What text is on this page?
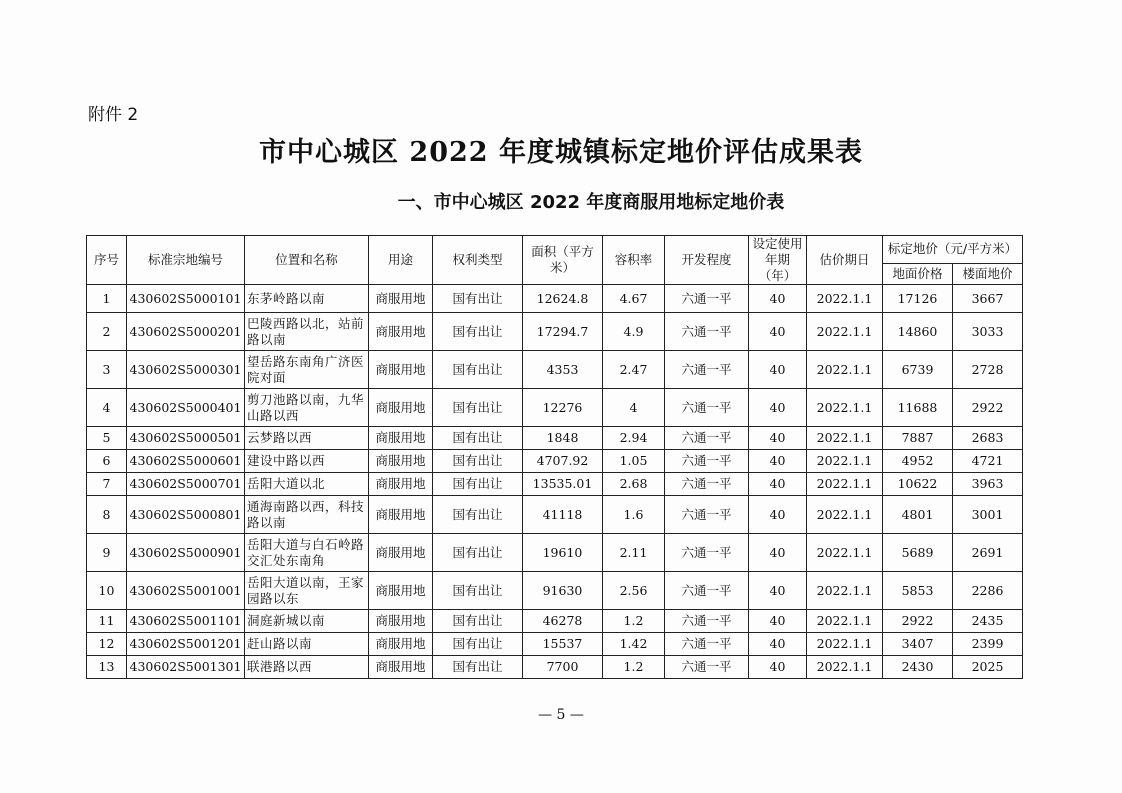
附件 2
市中心城区 2022 年度城镇标定地价评估成果表
一、市中心城区 2022 年度商服用地标定地价表
序号	标准宗地编号	位置和名称	用途	权利类型	面积（平方米）	容积率	开发程度	设定使用年期（年）	估价期日	标定地价（元/平方米）	
										地面价格	楼面地价
1	430602S5000101	东茅岭路以南	商服用地	国有出让	12624.8	4.67	六通一平	40	2022.1.1	17126	3667
2	430602S5000201	巴陵西路以北，站前路以南	商服用地	国有出让	17294.7	4.9	六通一平	40	2022.1.1	14860	3033
3	430602S5000301	望岳路东南角广济医院对面	商服用地	国有出让	4353	2.47	六通一平	40	2022.1.1	6739	2728
4	430602S5000401	剪刀池路以南，九华山路以西	商服用地	国有出让	12276	4	六通一平	40	2022.1.1	11688	2922
5	430602S5000501	云梦路以西	商服用地	国有出让	1848	2.94	六通一平	40	2022.1.1	7887	2683
6	430602S5000601	建设中路以西	商服用地	国有出让	4707.92	1.05	六通一平	40	2022.1.1	4952	4721
7	430602S5000701	岳阳大道以北	商服用地	国有出让	13535.01	2.68	六通一平	40	2022.1.1	10622	3963
8	430602S5000801	通海南路以西，科技路以南	商服用地	国有出让	41118	1.6	六通一平	40	2022.1.1	4801	3001
9	430602S5000901	岳阳大道与白石岭路交汇处东南角	商服用地	国有出让	19610	2.11	六通一平	40	2022.1.1	5689	2691
10	430602S5001001	岳阳大道以南，王家园路以东	商服用地	国有出让	91630	2.56	六通一平	40	2022.1.1	5853	2286
11	430602S5001101	洞庭新城以南	商服用地	国有出让	46278	1.2	六通一平	40	2022.1.1	2922	2435
12	430602S5001201	赶山路以南	商服用地	国有出让	15537	1.42	六通一平	40	2022.1.1	3407	2399
13	430602S5001301	联港路以西	商服用地	国有出让	7700	1.2	六通一平	40	2022.1.1	2430	2025
— 5 —
